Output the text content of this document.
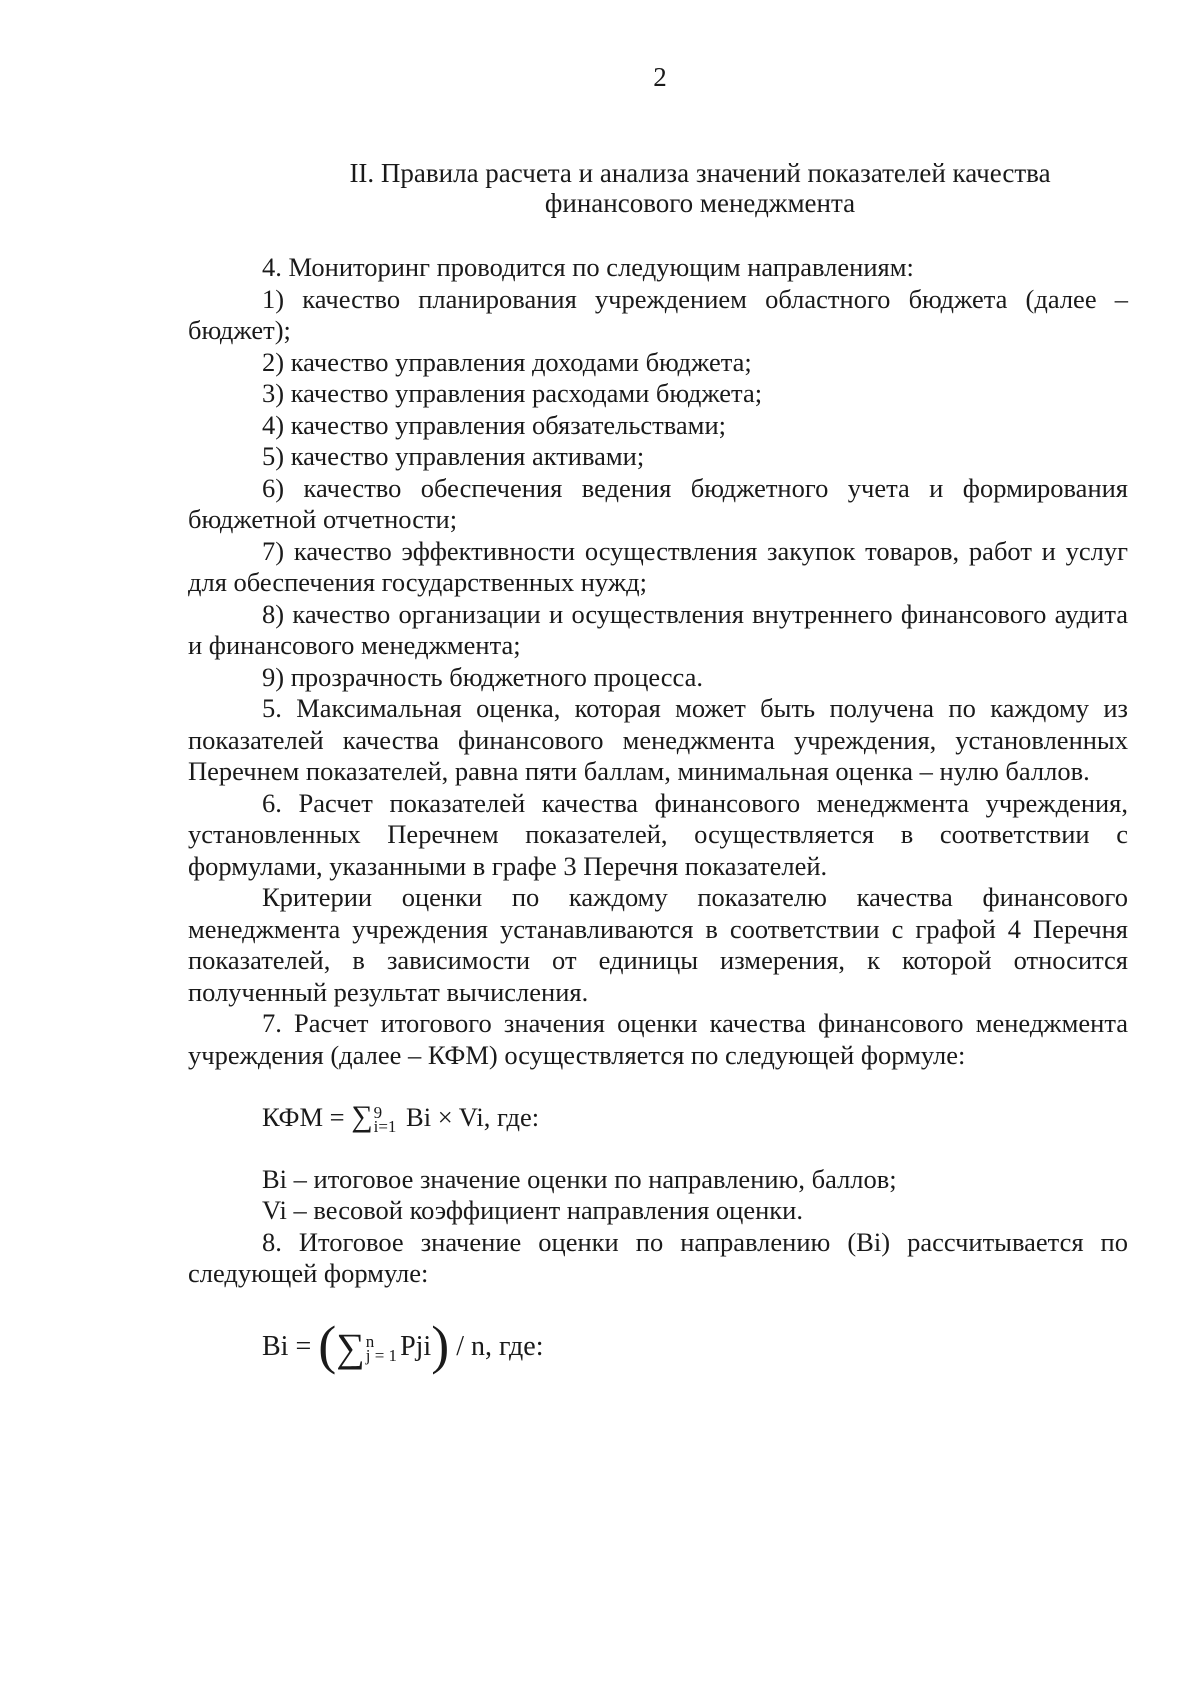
2
II. Правила расчета и анализа значений показателей качества финансового менеджмента

4. Мониторинг проводится по следующим направлениям:

1) качество планирования учреждением областного бюджета (далее – бюджет);

2) качество управления доходами бюджета;

3) качество управления расходами бюджета;

4) качество управления обязательствами;

5) качество управления активами;

6) качество обеспечения ведения бюджетного учета и формирования бюджетной отчетности;

7) качество эффективности осуществления закупок товаров, работ и услуг для обеспечения государственных нужд;

8) качество организации и осуществления внутреннего финансового аудита и финансового менеджмента;

9) прозрачность бюджетного процесса.

5. Максимальная оценка, которая может быть получена по каждому из показателей качества финансового менеджмента учреждения, установленных Перечнем показателей, равна пяти баллам, минимальная оценка – нулю баллов.

6. Расчет показателей качества финансового менеджмента учреждения, установленных Перечнем показателей, осуществляется в соответствии с формулами, указанными в графе 3 Перечня показателей.

Критерии оценки по каждому показателю качества финансового менеджмента учреждения устанавливаются в соответствии с графой 4 Перечня показателей, в зависимости от единицы измерения, к которой относится полученный результат вычисления.

7. Расчет итогового значения оценки качества финансового менеджмента учреждения (далее – КФМ) осуществляется по следующей формуле:

КФМ = ∑ 9
i=1 Bi × Vi, где:

Bi – итоговое значение оценки по направлению, баллов;

Vi – весовой коэффициент направления оценки.

8. Итоговое значение оценки по направлению (Bi) рассчитывается по следующей формуле:

Bi = (∑ n
j = 1 Pji) / n, где:
